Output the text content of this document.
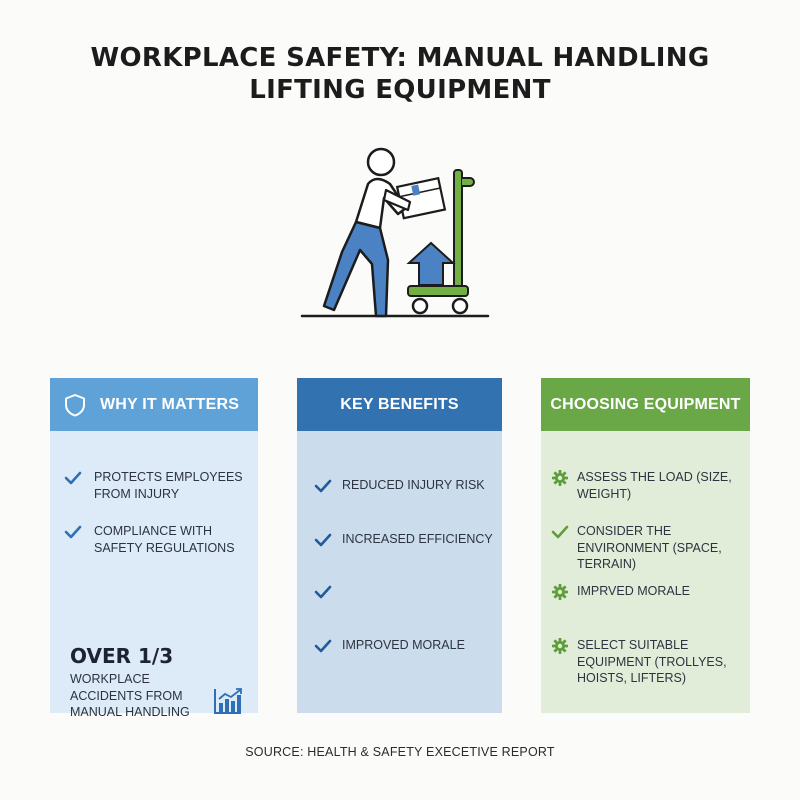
WORKPLACE SAFETY: MANUAL HANDLING
LIFTING EQUIPMENT
WHY IT MATTERS
PROTECTS EMPLOYEES FROM INJURY
COMPLIANCE WITH SAFETY REGULATIONS
OVER 1/3
WORKPLACE ACCIDENTS FROM MANUAL HANDLING
KEY BENEFITS
REDUCED INJURY RISK
INCREASED EFFICIENCY
IMPROVED MORALE
CHOOSING EQUIPMENT
ASSESS THE LOAD (SIZE, WEIGHT)
CONSIDER THE ENVIRONMENT (SPACE, TERRAIN)
IMPRVED MORALE
SELECT SUITABLE EQUIPMENT (TROLLYES, HOISTS, LIFTERS)
SOURCE: HEALTH & SAFETY EXECETIVE REPORT
